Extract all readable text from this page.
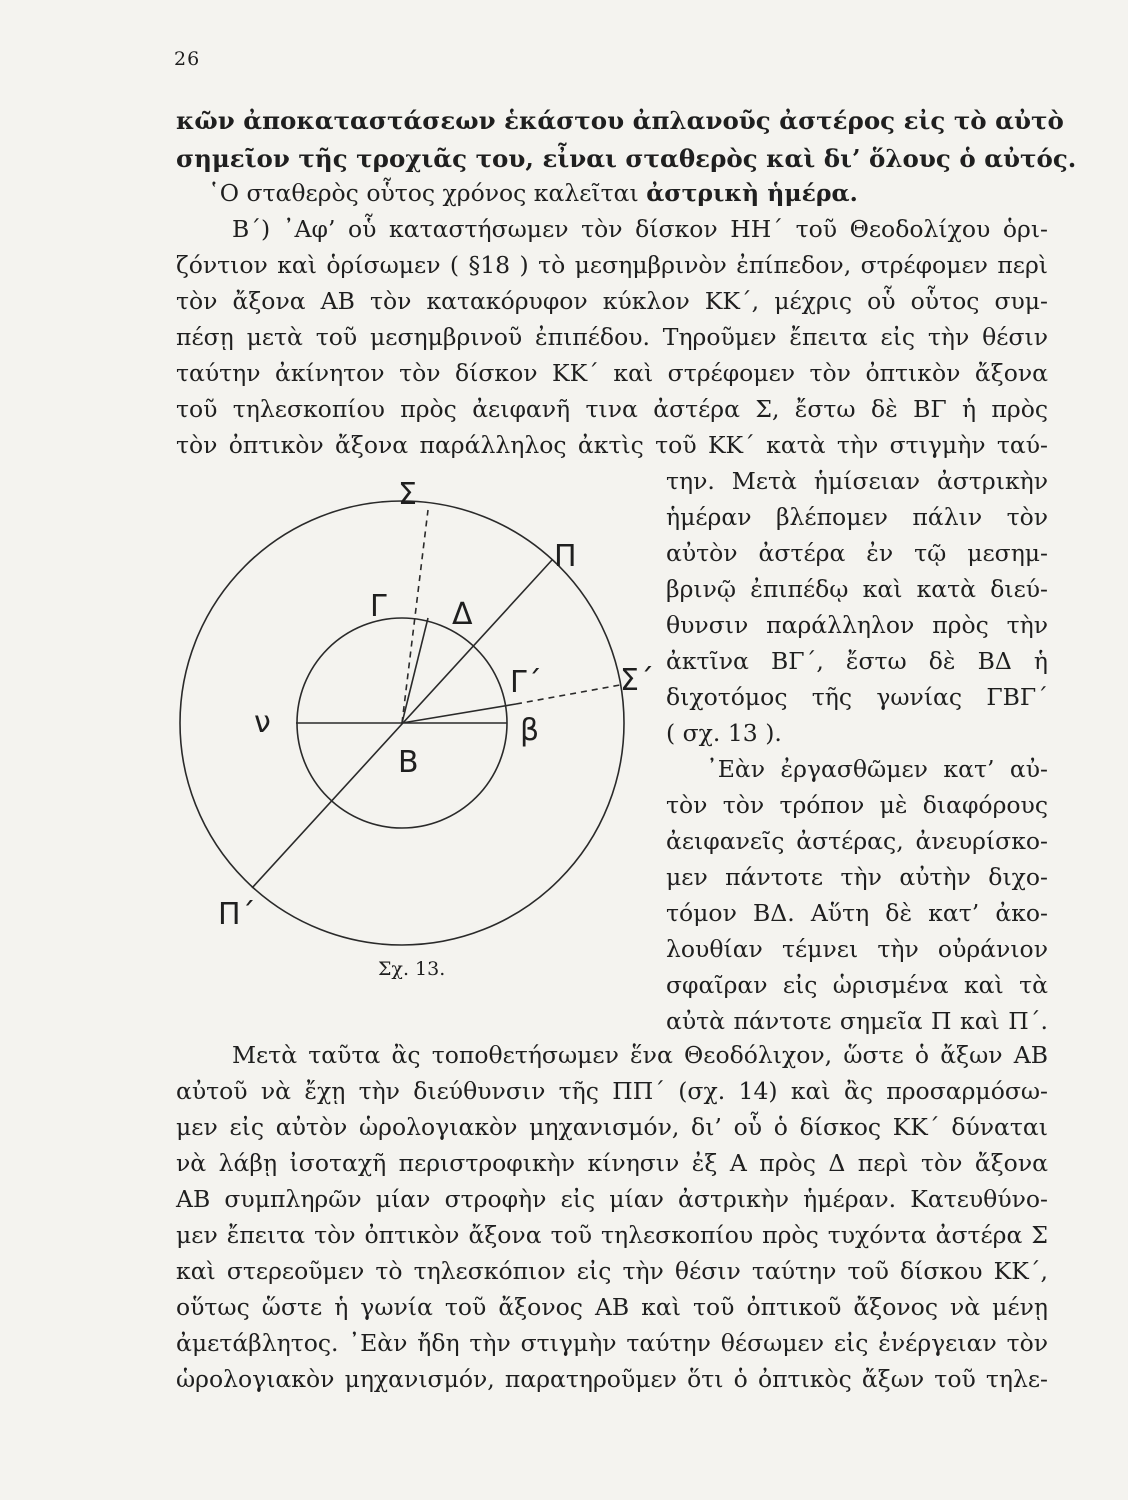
26
κῶν ἀποκαταστάσεων ἑκάστου ἀπλανοῦς ἀστέρος εἰς τὸ αὐτὸ
σημεῖον τῆς τροχιᾶς του, εἶναι σταθερὸς καὶ δι’ ὅλους ὁ αὐτός.
῾Ο σταθερὸς οὗτος χρόνος καλεῖται ἀστρικὴ ἡμέρα.
Β΄) ᾿Αφ’ οὗ καταστήσωμεν τὸν δίσκον ΗΗ΄ τοῦ Θεοδολίχου ὁρι-
ζόντιον καὶ ὁρίσωμεν ( §18 ) τὸ μεσημβρινὸν ἐπίπεδον, στρέφομεν περὶ
τὸν ἄξονα ΑΒ τὸν κατακόρυφον κύκλον ΚΚ΄, μέχρις οὗ οὗτος συμ-
πέσῃ μετὰ τοῦ μεσημβρινοῦ ἐπιπέδου. Τηροῦμεν ἔπειτα εἰς τὴν θέσιν
ταύτην ἀκίνητον τὸν δίσκον ΚΚ΄ καὶ στρέφομεν τὸν ὀπτικὸν ἄξονα
τοῦ τηλεσκοπίου πρὸς ἀειφανῆ τινα ἀστέρα Σ, ἔστω δὲ ΒΓ ἡ πρὸς
τὸν ὀπτικὸν ἄξονα παράλληλος ἀκτὶς τοῦ ΚΚ΄ κατὰ τὴν στιγμὴν ταύ-
την. Μετὰ ἡμίσειαν ἀστρικὴν
ἡμέραν βλέπομεν πάλιν τὸν
αὐτὸν ἀστέρα ἐν τῷ μεσημ-
βρινῷ ἐπιπέδῳ καὶ κατὰ διεύ-
θυνσιν παράλληλον πρὸς τὴν
ἀκτῖνα ΒΓ΄, ἔστω δὲ ΒΔ ἡ
διχοτόμος τῆς γωνίας ΓΒΓ΄
( σχ. 13 ).
᾿Εὰν ἐργασθῶμεν κατ’ αὐ-
τὸν τὸν τρόπον μὲ διαφόρους
ἀειφανεῖς ἀστέρας, ἀνευρίσκο-
μεν πάντοτε τὴν αὐτὴν διχο-
τόμον ΒΔ. Αὕτη δὲ κατ’ ἀκο-
λουθίαν τέμνει τὴν οὐράνιον
σφαῖραν εἰς ὡρισμένα καὶ τὰ
αὐτὰ πάντοτε σημεῖα Π καὶ Π΄.
Σ
Π
Γ Δ
Γ΄	Σ΄
ν	β
Β
Π΄
Σχ. 13.
Μετὰ ταῦτα ἂς τοποθετήσωμεν ἕνα Θεοδόλιχον, ὥστε ὁ ἄξων ΑΒ
αὐτοῦ νὰ ἔχῃ τὴν διεύθυνσιν τῆς ΠΠ΄ (σχ. 14) καὶ ἂς προσαρμόσω-
μεν εἰς αὐτὸν ὡρολογιακὸν μηχανισμόν, δι’ οὗ ὁ δίσκος ΚΚ΄ δύναται
νὰ λάβῃ ἰσοταχῆ περιστροφικὴν κίνησιν ἐξ Α πρὸς Δ περὶ τὸν ἄξονα
ΑΒ συμπληρῶν μίαν στροφὴν εἰς μίαν ἀστρικὴν ἡμέραν. Κατευθύνο-
μεν ἔπειτα τὸν ὀπτικὸν ἄξονα τοῦ τηλεσκοπίου πρὸς τυχόντα ἀστέρα Σ
καὶ στερεοῦμεν τὸ τηλεσκόπιον εἰς τὴν θέσιν ταύτην τοῦ δίσκου ΚΚ΄,
οὕτως ὥστε ἡ γωνία τοῦ ἄξονος ΑΒ καὶ τοῦ ὀπτικοῦ ἄξονος νὰ μένῃ
ἀμετάβλητος. ᾿Εὰν ἤδη τὴν στιγμὴν ταύτην θέσωμεν εἰς ἐνέργειαν τὸν
ὡρολογιακὸν μηχανισμόν, παρατηροῦμεν ὅτι ὁ ὀπτικὸς ἄξων τοῦ τηλε-
